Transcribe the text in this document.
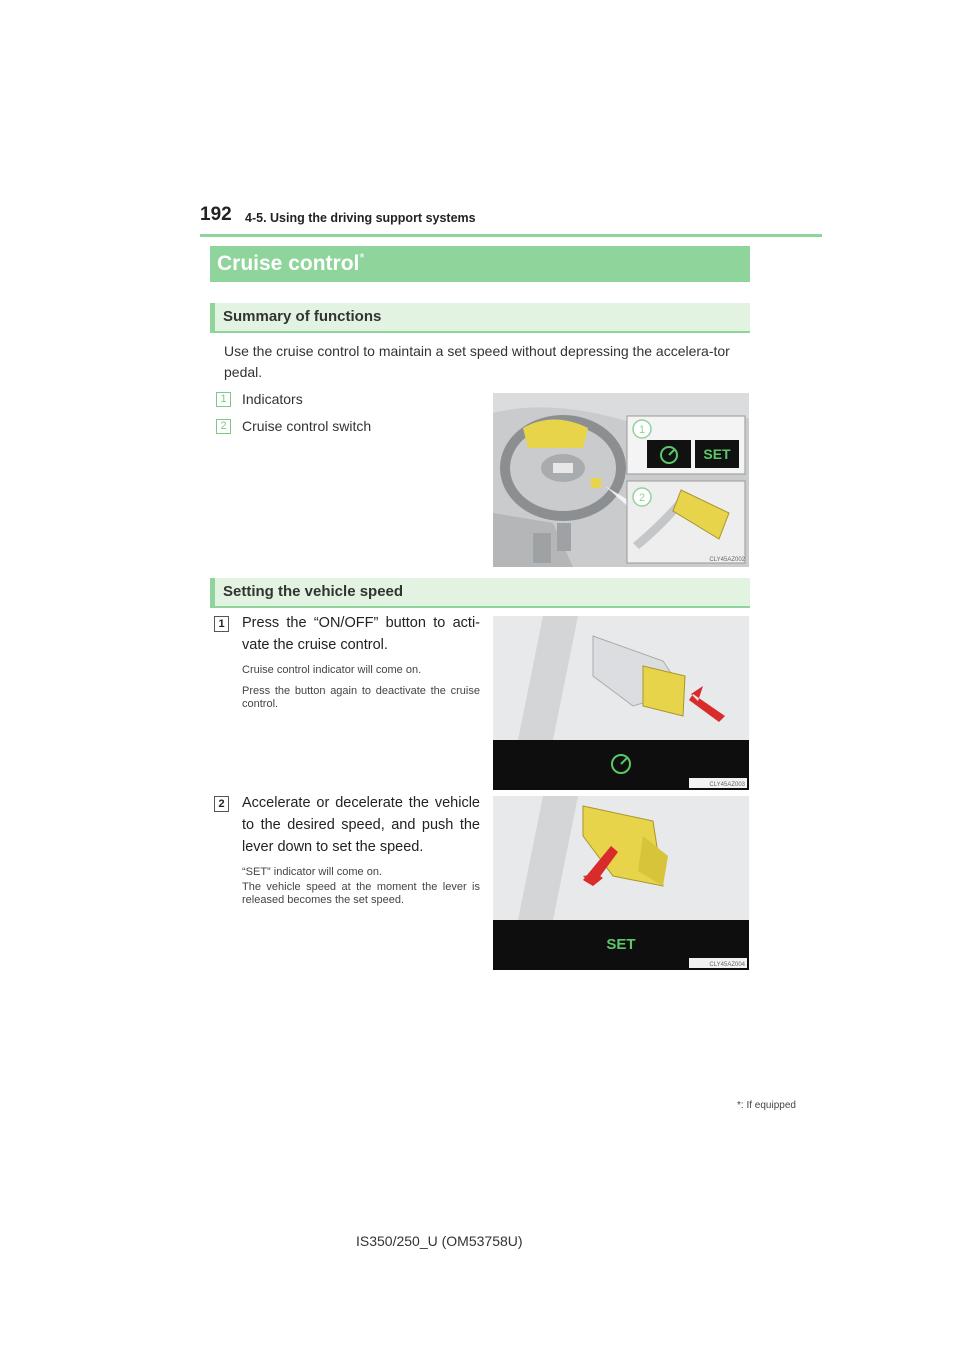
192 4-5. Using the driving support systems
Cruise control*
Summary of functions
Use the cruise control to maintain a set speed without depressing the accelera-tor pedal.
1	Indicators
2	Cruise control switch	1
SET
2
CLY45AZ002
Setting the vehicle speed
1	Press the “ON/OFF” button to acti-vate the cruise control.
Cruise control indicator will come on.
Press the button again to deactivate the cruise control.
CLY45AZ003
2	Accelerate or decelerate the vehicle to the desired speed, and push the lever down to set the speed.
“SET” indicator will come on.
The vehicle speed at the moment the lever is released becomes the set speed.
SET
CLY45AZ004
*: If equipped
IS350/250_U (OM53758U)
